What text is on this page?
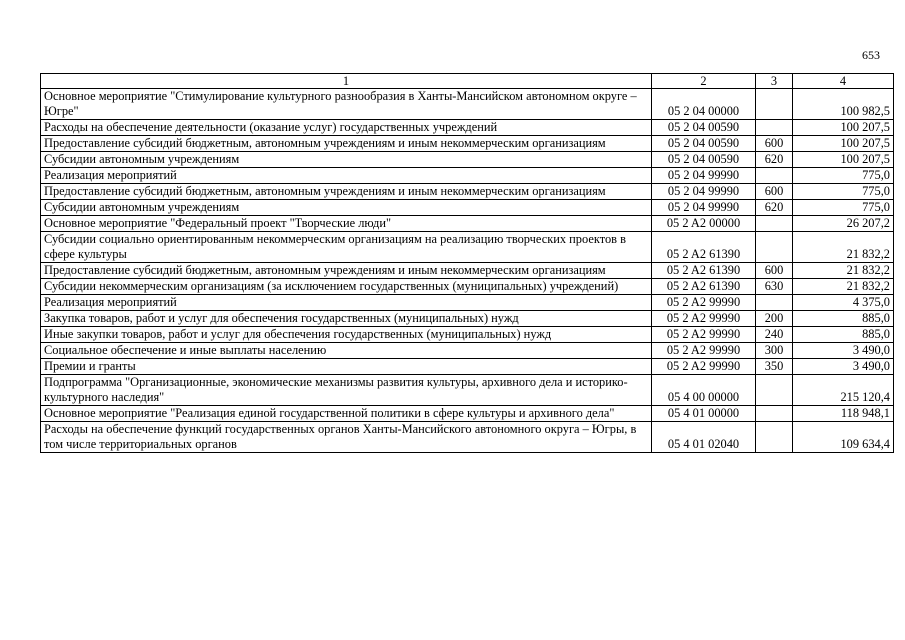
653
1	2	3	4
Основное мероприятие "Стимулирование культурного разнообразия в Ханты-Мансийском автономном округе – Югре"	05 2 04 00000		100 982,5
Расходы на обеспечение деятельности (оказание услуг) государственных учреждений	05 2 04 00590		100 207,5
Предоставление субсидий бюджетным, автономным учреждениям и иным некоммерческим организациям	05 2 04 00590	600	100 207,5
Субсидии автономным учреждениям	05 2 04 00590	620	100 207,5
Реализация мероприятий	05 2 04 99990		775,0
Предоставление субсидий бюджетным, автономным учреждениям и иным некоммерческим организациям	05 2 04 99990	600	775,0
Субсидии автономным учреждениям	05 2 04 99990	620	775,0
Основное мероприятие "Федеральный проект "Творческие люди"	05 2 A2 00000		26 207,2
Субсидии социально ориентированным некоммерческим организациям на реализацию творческих проектов в сфере культуры	05 2 A2 61390		21 832,2
Предоставление субсидий бюджетным, автономным учреждениям и иным некоммерческим организациям	05 2 A2 61390	600	21 832,2
Субсидии некоммерческим организациям (за исключением государственных (муниципальных) учреждений)	05 2 A2 61390	630	21 832,2
Реализация мероприятий	05 2 A2 99990		4 375,0
Закупка товаров, работ и услуг для обеспечения государственных (муниципальных) нужд	05 2 A2 99990	200	885,0
Иные закупки товаров, работ и услуг для обеспечения государственных (муниципальных) нужд	05 2 A2 99990	240	885,0
Социальное обеспечение и иные выплаты населению	05 2 A2 99990	300	3 490,0
Премии и гранты	05 2 A2 99990	350	3 490,0
Подпрограмма "Организационные, экономические механизмы развития культуры, архивного дела и историко-культурного наследия"	05 4 00 00000		215 120,4
Основное мероприятие "Реализация единой государственной политики в сфере культуры и архивного дела"	05 4 01 00000		118 948,1
Расходы на обеспечение функций государственных органов Ханты-Мансийского автономного округа – Югры, в том числе территориальных органов	05 4 01 02040		109 634,4
